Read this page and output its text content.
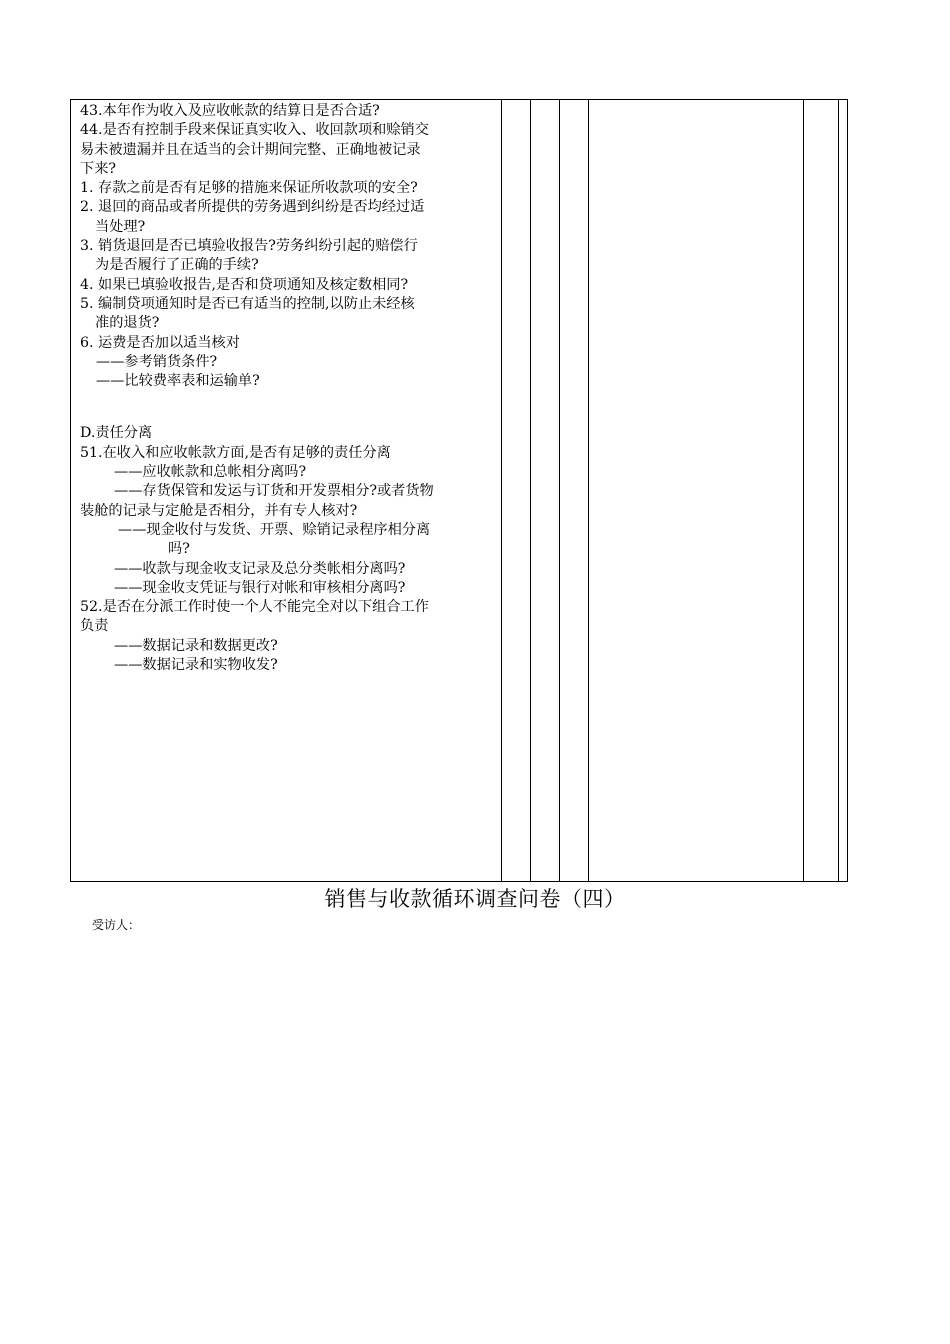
43.本年作为收入及应收帐款的结算日是否合适?
44.是否有控制手段来保证真实收入、收回款项和赊销交
易未被遗漏并且在适当的会计期间完整、正确地被记录
下来?
1. 存款之前是否有足够的措施来保证所收款项的安全?
2. 退回的商品或者所提供的劳务遇到纠纷是否均经过适
当处理?
3. 销货退回是否已填验收报告?劳务纠纷引起的赔偿行
为是否履行了正确的手续?
4. 如果已填验收报告,是否和贷项通知及核定数相同?
5. 编制贷项通知时是否已有适当的控制,以防止未经核
准的退货?
6. 运费是否加以适当核对
——参考销货条件?
——比较费率表和运输单?
D.责任分离
51.在收入和应收帐款方面,是否有足够的责任分离
——应收帐款和总帐相分离吗?
——存货保管和发运与订货和开发票相分?或者货物
装舱的记录与定舱是否相分，并有专人核对?
——现金收付与发货、开票、赊销记录程序相分离
吗?
——收款与现金收支记录及总分类帐相分离吗?
——现金收支凭证与银行对帐和审核相分离吗?
52.是否在分派工作时使一个人不能完全对以下组合工作
负责
——数据记录和数据更改?
——数据记录和实物收发?
销售与收款循环调查问卷（四）
受访人：
